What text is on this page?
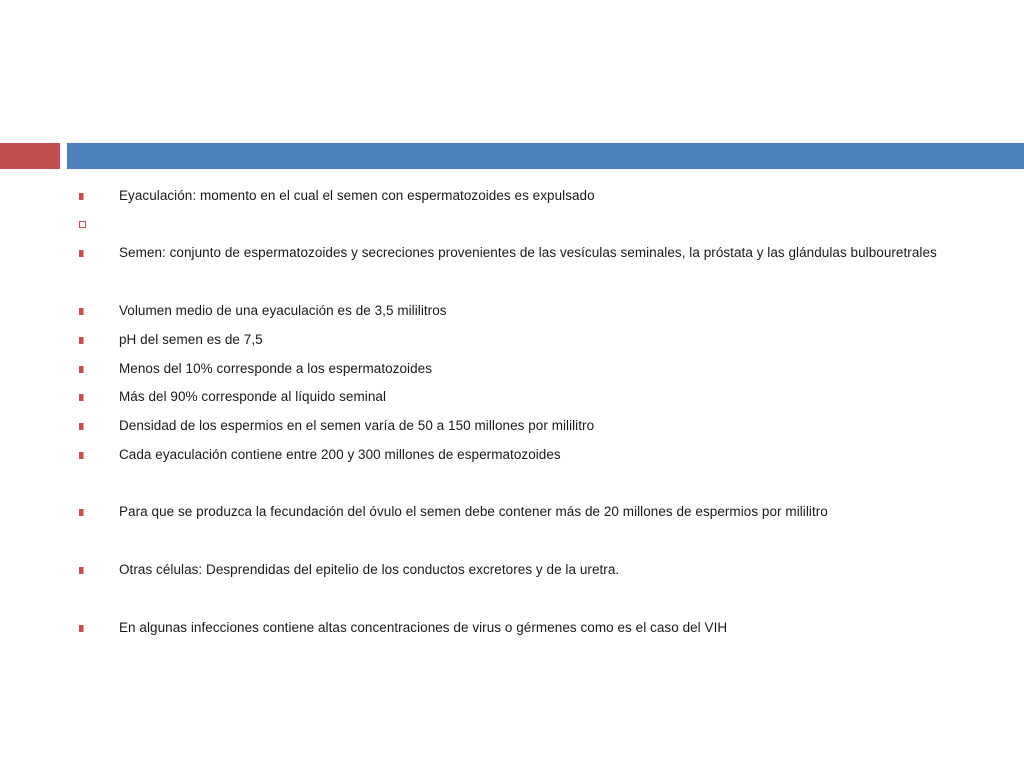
Eyaculación: momento en el cual el semen con espermatozoides es expulsado
Semen: conjunto de espermatozoides y secreciones provenientes de las vesículas seminales, la próstata y las glándulas bulbouretrales
Volumen medio de una eyaculación es de 3,5 mililitros
pH del semen es de 7,5
Menos del 10% corresponde a los espermatozoides
Más del 90% corresponde al líquido seminal
Densidad de los espermios en el semen varía de 50 a 150 millones por mililitro
Cada eyaculación contiene entre 200 y 300 millones de espermatozoides
Para que se produzca la fecundación del óvulo el semen debe contener más de 20 millones de espermios por mililitro
Otras células: Desprendidas del epitelio de los conductos excretores y de la uretra.
En algunas infecciones contiene altas concentraciones de virus o gérmenes como es el caso del VIH
